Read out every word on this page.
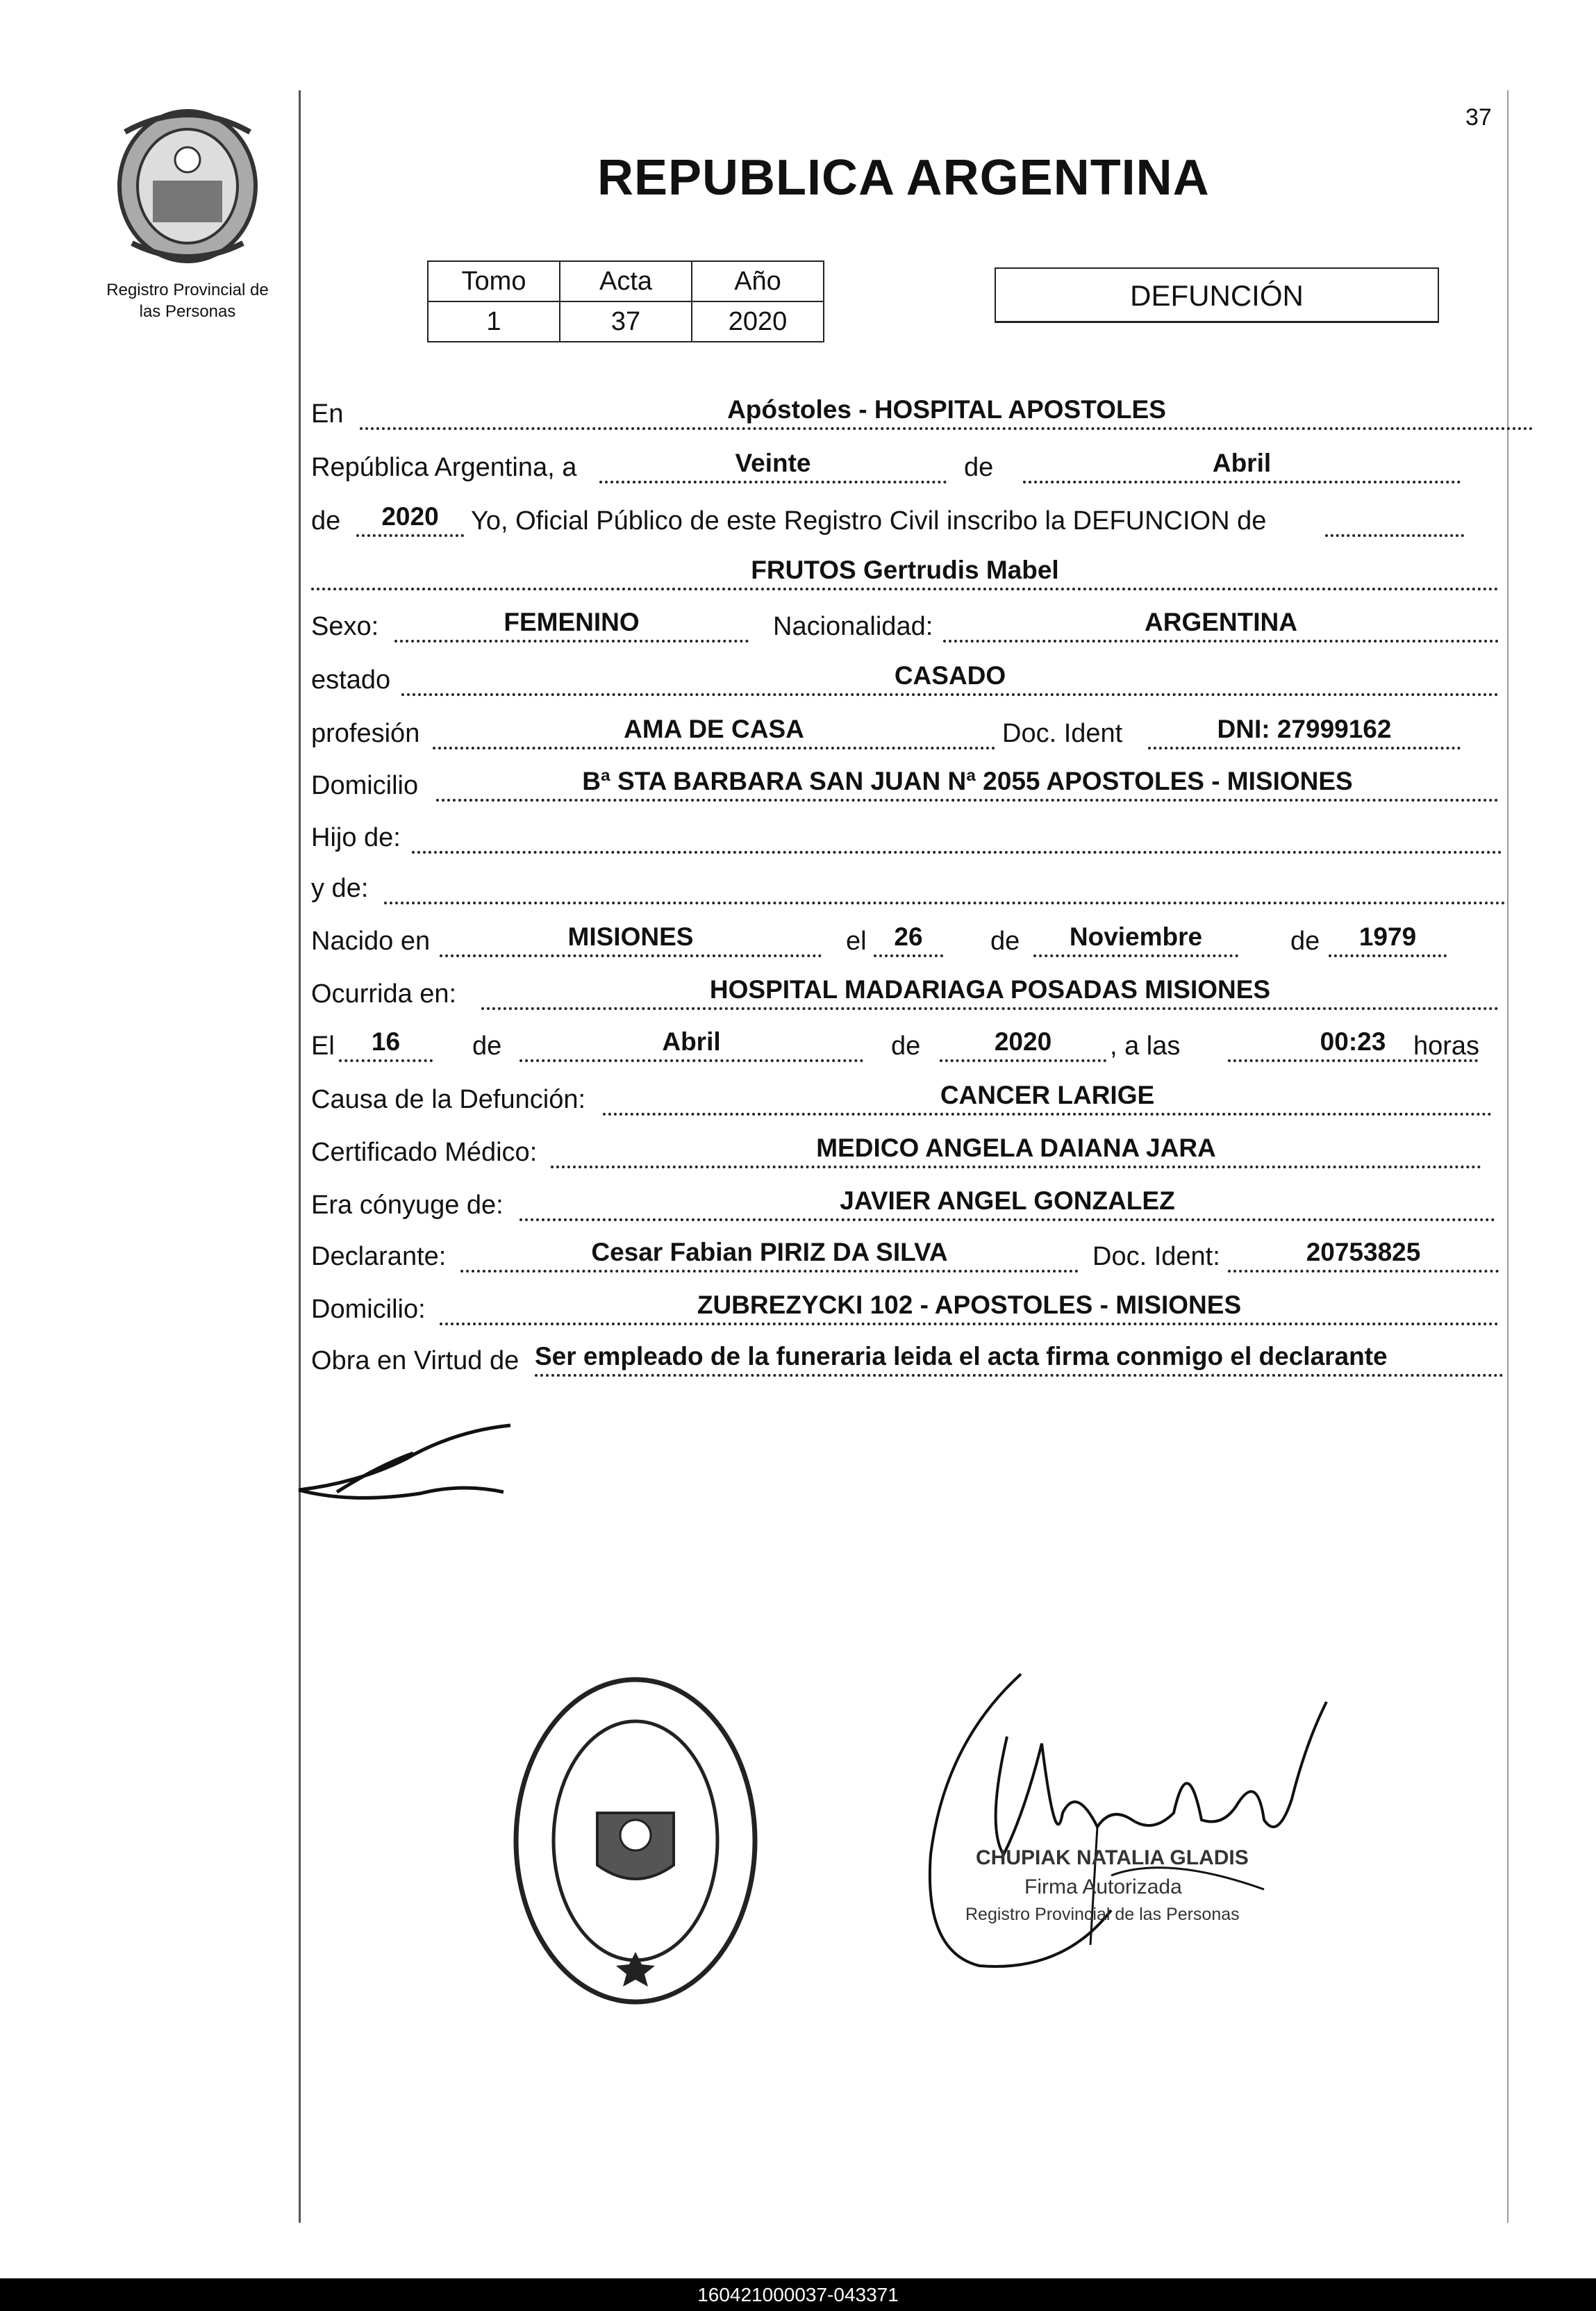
Registro Provincial de
las Personas
37
REPUBLICA ARGENTINA
Tomo	Acta	Año
1	37	2020
DEFUNCIÓN
En	Apóstoles - HOSPITAL APOSTOLES
República Argentina, a	Veinte	de	Abril
de	2020	Yo, Oficial Público de este Registro Civil inscribo la DEFUNCION de
FRUTOS Gertrudis Mabel
Sexo:	FEMENINO	Nacionalidad:	ARGENTINA
estado	CASADO
profesión	AMA DE CASA	Doc. Ident	DNI: 27999162
Domicilio	Bª STA BARBARA SAN JUAN Nª 2055 APOSTOLES - MISIONES
Hijo de:
y de:
Nacido en	MISIONES	el	26	de	Noviembre	de	1979
Ocurrida en:	HOSPITAL MADARIAGA POSADAS MISIONES
El	16	de	Abril	de	2020	, a las	00:23	horas
Causa de la Defunción:	CANCER LARIGE
Certificado Médico:	MEDICO ANGELA DAIANA JARA
Era cónyuge de:	JAVIER ANGEL GONZALEZ
Declarante:	Cesar Fabian PIRIZ DA SILVA	Doc. Ident:	20753825
Domicilio:	ZUBREZYCKI 102 - APOSTOLES - MISIONES
Obra en Virtud de Ser empleado de la funeraria leida el acta firma conmigo el declarante
CHUPIAK NATALIA GLADIS
Firma Autorizada
Registro Provincial de las Personas
160421000037-043371
